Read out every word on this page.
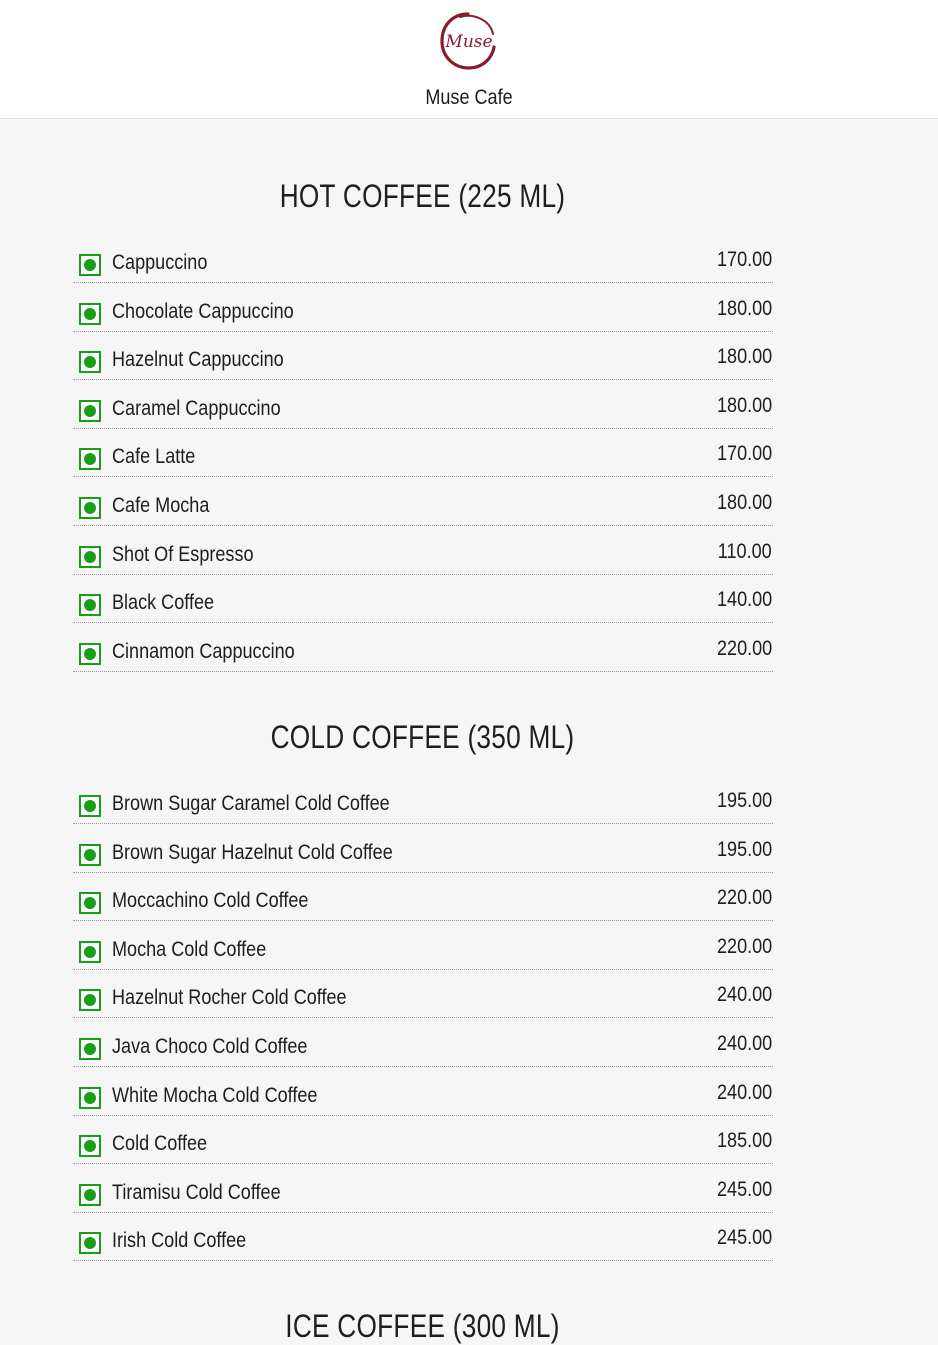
Muse
Muse Cafe
HOT COFFEE (225 ML)
Cappuccino	170.00
Chocolate Cappuccino	180.00
Hazelnut Cappuccino	180.00
Caramel Cappuccino	180.00
Cafe Latte	170.00
Cafe Mocha	180.00
Shot Of Espresso	110.00
Black Coffee	140.00
Cinnamon Cappuccino	220.00
COLD COFFEE (350 ML)
Brown Sugar Caramel Cold Coffee	195.00
Brown Sugar Hazelnut Cold Coffee	195.00
Moccachino Cold Coffee	220.00
Mocha Cold Coffee	220.00
Hazelnut Rocher Cold Coffee	240.00
Java Choco Cold Coffee	240.00
White Mocha Cold Coffee	240.00
Cold Coffee	185.00
Tiramisu Cold Coffee	245.00
Irish Cold Coffee	245.00
ICE COFFEE (300 ML)
